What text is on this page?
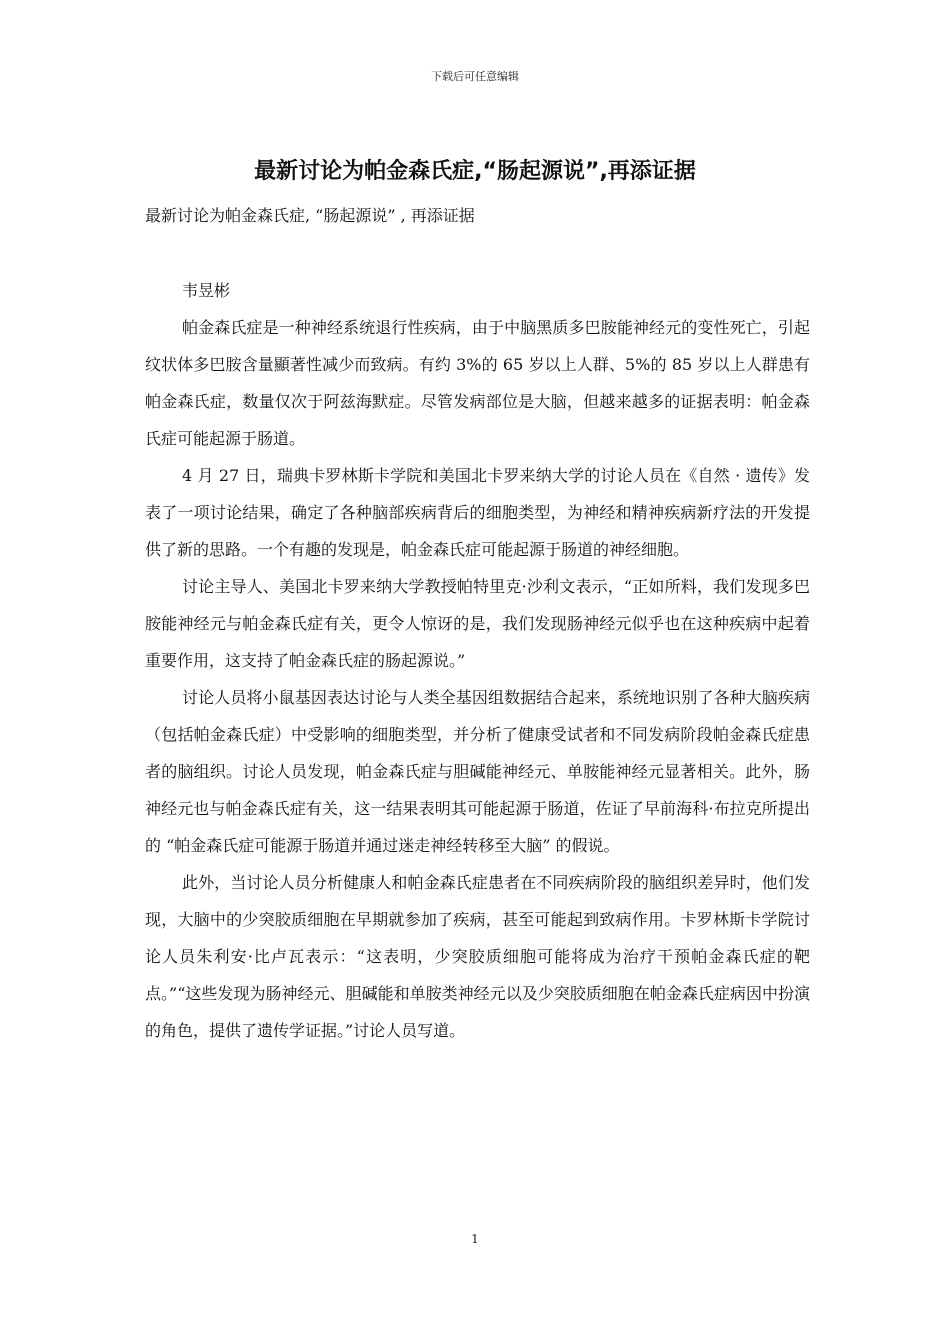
下载后可任意编辑
最新讨论为帕金森氏症,“肠起源说”,再添证据
最新讨论为帕金森氏症, “肠起源说” , 再添证据

韦昱彬

帕金森氏症是一种神经系统退行性疾病，由于中脑黑质多巴胺能神经元的变性死亡，引起纹状体多巴胺含量顯著性减少而致病。有约 3%的 65 岁以上人群、5%的 85 岁以上人群患有帕金森氏症，数量仅次于阿兹海默症。尽管发病部位是大脑，但越来越多的证据表明：帕金森氏症可能起源于肠道。

4 月 27 日，瑞典卡罗林斯卡学院和美国北卡罗来纳大学的讨论人员在《自然 · 遗传》发表了一项讨论结果，确定了各种脑部疾病背后的细胞类型，为神经和精神疾病新疗法的开发提供了新的思路。一个有趣的发现是，帕金森氏症可能起源于肠道的神经细胞。

讨论主导人、美国北卡罗来纳大学教授帕特里克·沙利文表示，“正如所料，我们发现多巴胺能神经元与帕金森氏症有关，更令人惊讶的是，我们发现肠神经元似乎也在这种疾病中起着重要作用，这支持了帕金森氏症的肠起源说。”

讨论人员将小鼠基因表达讨论与人类全基因组数据结合起来，系统地识别了各种大脑疾病（包括帕金森氏症）中受影响的细胞类型，并分析了健康受试者和不同发病阶段帕金森氏症患者的脑组织。讨论人员发现，帕金森氏症与胆碱能神经元、单胺能神经元显著相关。此外，肠神经元也与帕金森氏症有关，这一结果表明其可能起源于肠道，佐证了早前海科·布拉克所提出的 “帕金森氏症可能源于肠道并通过迷走神经转移至大脑” 的假说。

此外，当讨论人员分析健康人和帕金森氏症患者在不同疾病阶段的脑组织差异时，他们发现，大脑中的少突胶质细胞在早期就参加了疾病，甚至可能起到致病作用。卡罗林斯卡学院讨论人员朱利安·比卢瓦表示：“这表明，少突胶质细胞可能将成为治疗干预帕金森氏症的靶点。”“这些发现为肠神经元、胆碱能和单胺类神经元以及少突胶质细胞在帕金森氏症病因中扮演的角色，提供了遗传学证据。”讨论人员写道。

1
